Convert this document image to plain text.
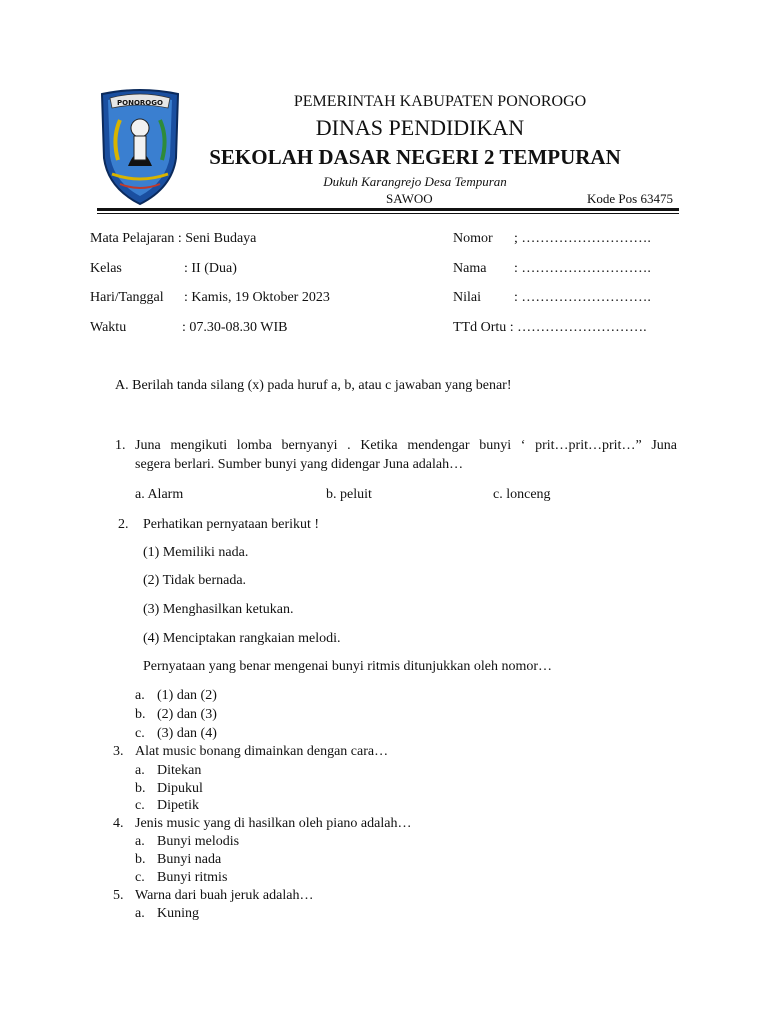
PONOROGO	PEMERINTAH KABUPATEN PONOROGO
DINAS PENDIDIKAN
SEKOLAH DASAR NEGERI 2 TEMPURAN
Dukuh Karangrejo Desa Tempuran
SAWOO	Kode Pos 63475
Mata Pelajaran : Seni Budaya
Kelas	: II (Dua)
Hari/Tanggal : Kamis, 19 Oktober 2023
Waktu	: 07.30-08.30 WIB
Nomor ; ……………………….
Nama : ……………………….
Nilai : ……………………….
TTd Ortu : ……………………….
A. Berilah tanda silang (x) pada huruf a, b, atau c jawaban yang benar!
1. Juna mengikuti lomba bernyanyi . Ketika mendengar bunyi ‘ prit…prit…prit…” Juna
segera berlari. Sumber bunyi yang didengar Juna adalah…
a. Alarm	b. peluit	c. lonceng
2. Perhatikan pernyataan berikut !
(1) Memiliki nada.
(2) Tidak bernada.
(3) Menghasilkan ketukan.
(4) Menciptakan rangkaian melodi.
Pernyataan yang benar mengenai bunyi ritmis ditunjukkan oleh nomor…
a. (1) dan (2)
b. (2) dan (3)
c. (3) dan (4)
3. Alat music bonang dimainkan dengan cara…
a. Ditekan
b. Dipukul
c. Dipetik
4. Jenis music yang di hasilkan oleh piano adalah…
a. Bunyi melodis
b. Bunyi nada
c. Bunyi ritmis
5. Warna dari buah jeruk adalah…
a. Kuning
